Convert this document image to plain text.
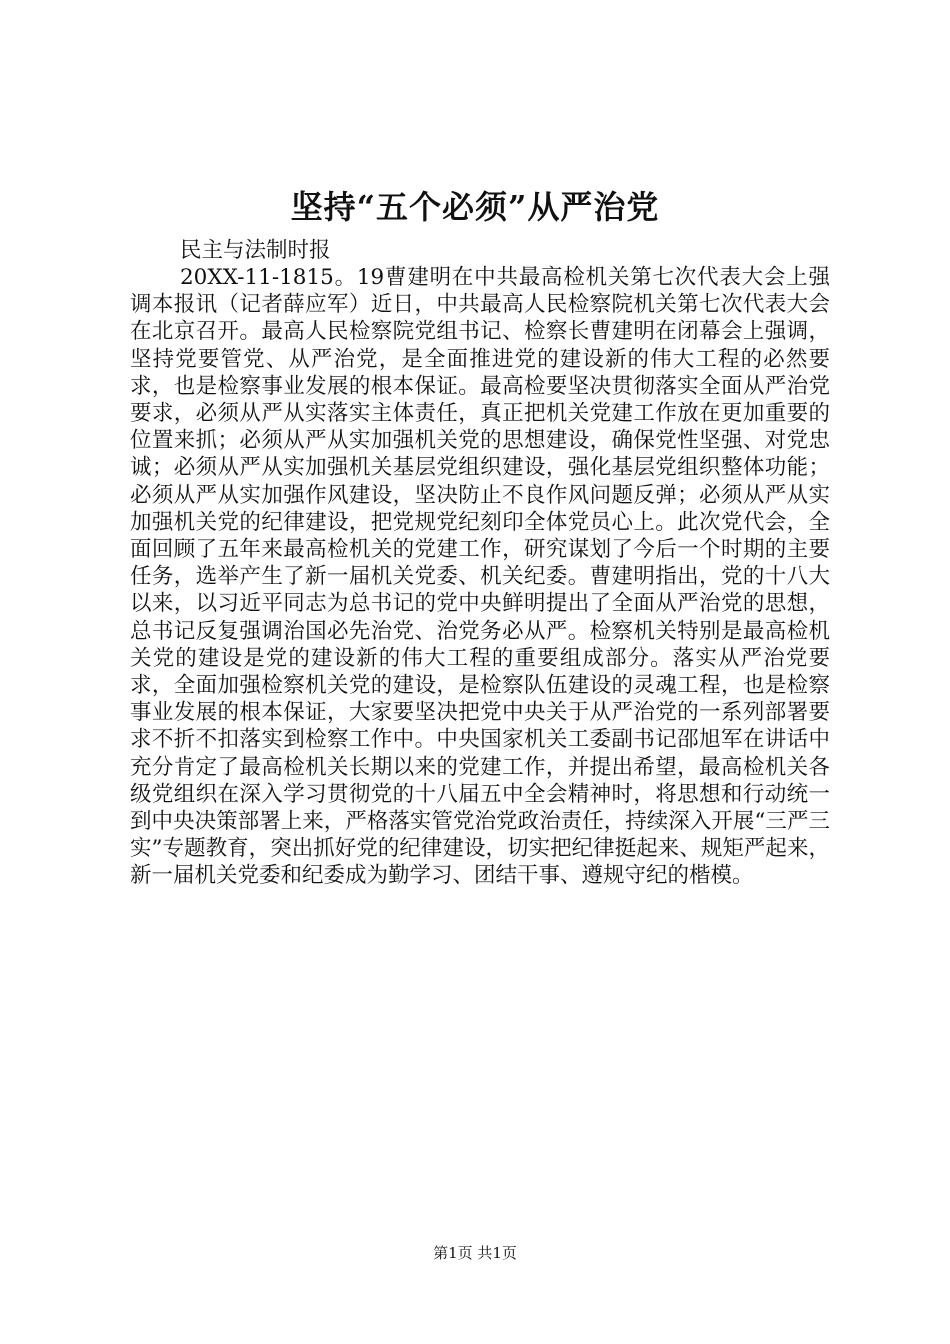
坚持“五个必须”从严治党
民主与法制时报

20XX-11-1815。19曹建明在中共最高检机关第七次代表大会上强调本报讯（记者薛应军）近日，中共最高人民检察院机关第七次代表大会在北京召开。最高人民检察院党组书记、检察长曹建明在闭幕会上强调，坚持党要管党、从严治党，是全面推进党的建设新的伟大工程的必然要求，也是检察事业发展的根本保证。最高检要坚决贯彻落实全面从严治党要求，必须从严从实落实主体责任，真正把机关党建工作放在更加重要的位置来抓；必须从严从实加强机关党的思想建设，确保党性坚强、对党忠诚；必须从严从实加强机关基层党组织建设，强化基层党组织整体功能；必须从严从实加强作风建设，坚决防止不良作风问题反弹；必须从严从实加强机关党的纪律建设，把党规党纪刻印全体党员心上。此次党代会，全面回顾了五年来最高检机关的党建工作，研究谋划了今后一个时期的主要任务，选举产生了新一届机关党委、机关纪委。曹建明指出，党的十八大以来，以习近平同志为总书记的党中央鲜明提出了全面从严治党的思想，总书记反复强调治国必先治党、治党务必从严。检察机关特别是最高检机关党的建设是党的建设新的伟大工程的重要组成部分。落实从严治党要求，全面加强检察机关党的建设，是检察队伍建设的灵魂工程，也是检察事业发展的根本保证，大家要坚决把党中央关于从严治党的一系列部署要求不折不扣落实到检察工作中。中央国家机关工委副书记邵旭军在讲话中充分肯定了最高检机关长期以来的党建工作，并提出希望，最高检机关各级党组织在深入学习贯彻党的十八届五中全会精神时，将思想和行动统一到中央决策部署上来，严格落实管党治党政治责任，持续深入开展“三严三实”专题教育，突出抓好党的纪律建设，切实把纪律挺起来、规矩严起来，新一届机关党委和纪委成为勤学习、团结干事、遵规守纪的楷模。

第1页 共1页
